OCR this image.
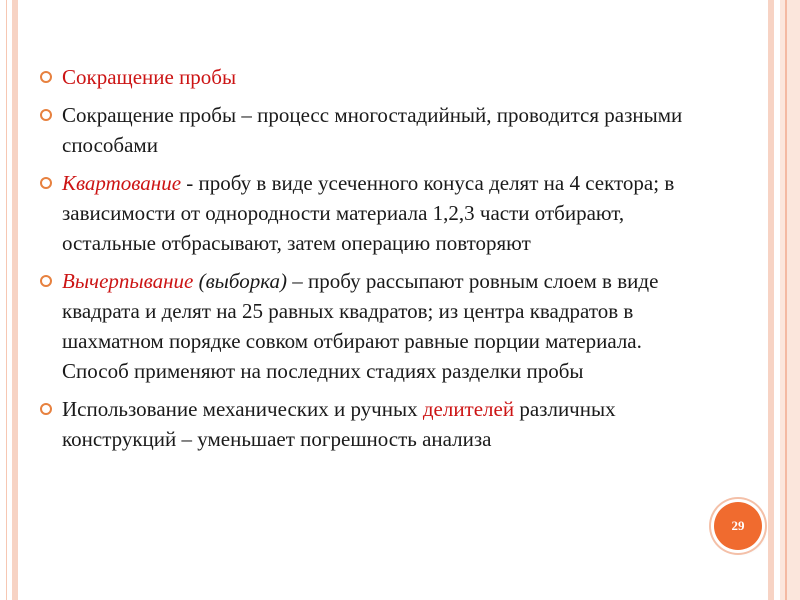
Сокращение пробы
Сокращение пробы – процесс многостадийный, проводится разными способами
Квартование - пробу в виде усеченного конуса делят на 4 сектора; в зависимости от однородности материала 1,2,3 части отбирают, остальные отбрасывают, затем операцию повторяют
Вычерпывание (выборка) – пробу рассыпают ровным слоем в виде квадрата и делят на 25 равных квадратов; из центра квадратов в шахматном порядке совком отбирают равные порции материала. Способ применяют на последних стадиях разделки пробы
Использование механических и ручных делителей различных конструкций – уменьшает погрешность анализа
29
